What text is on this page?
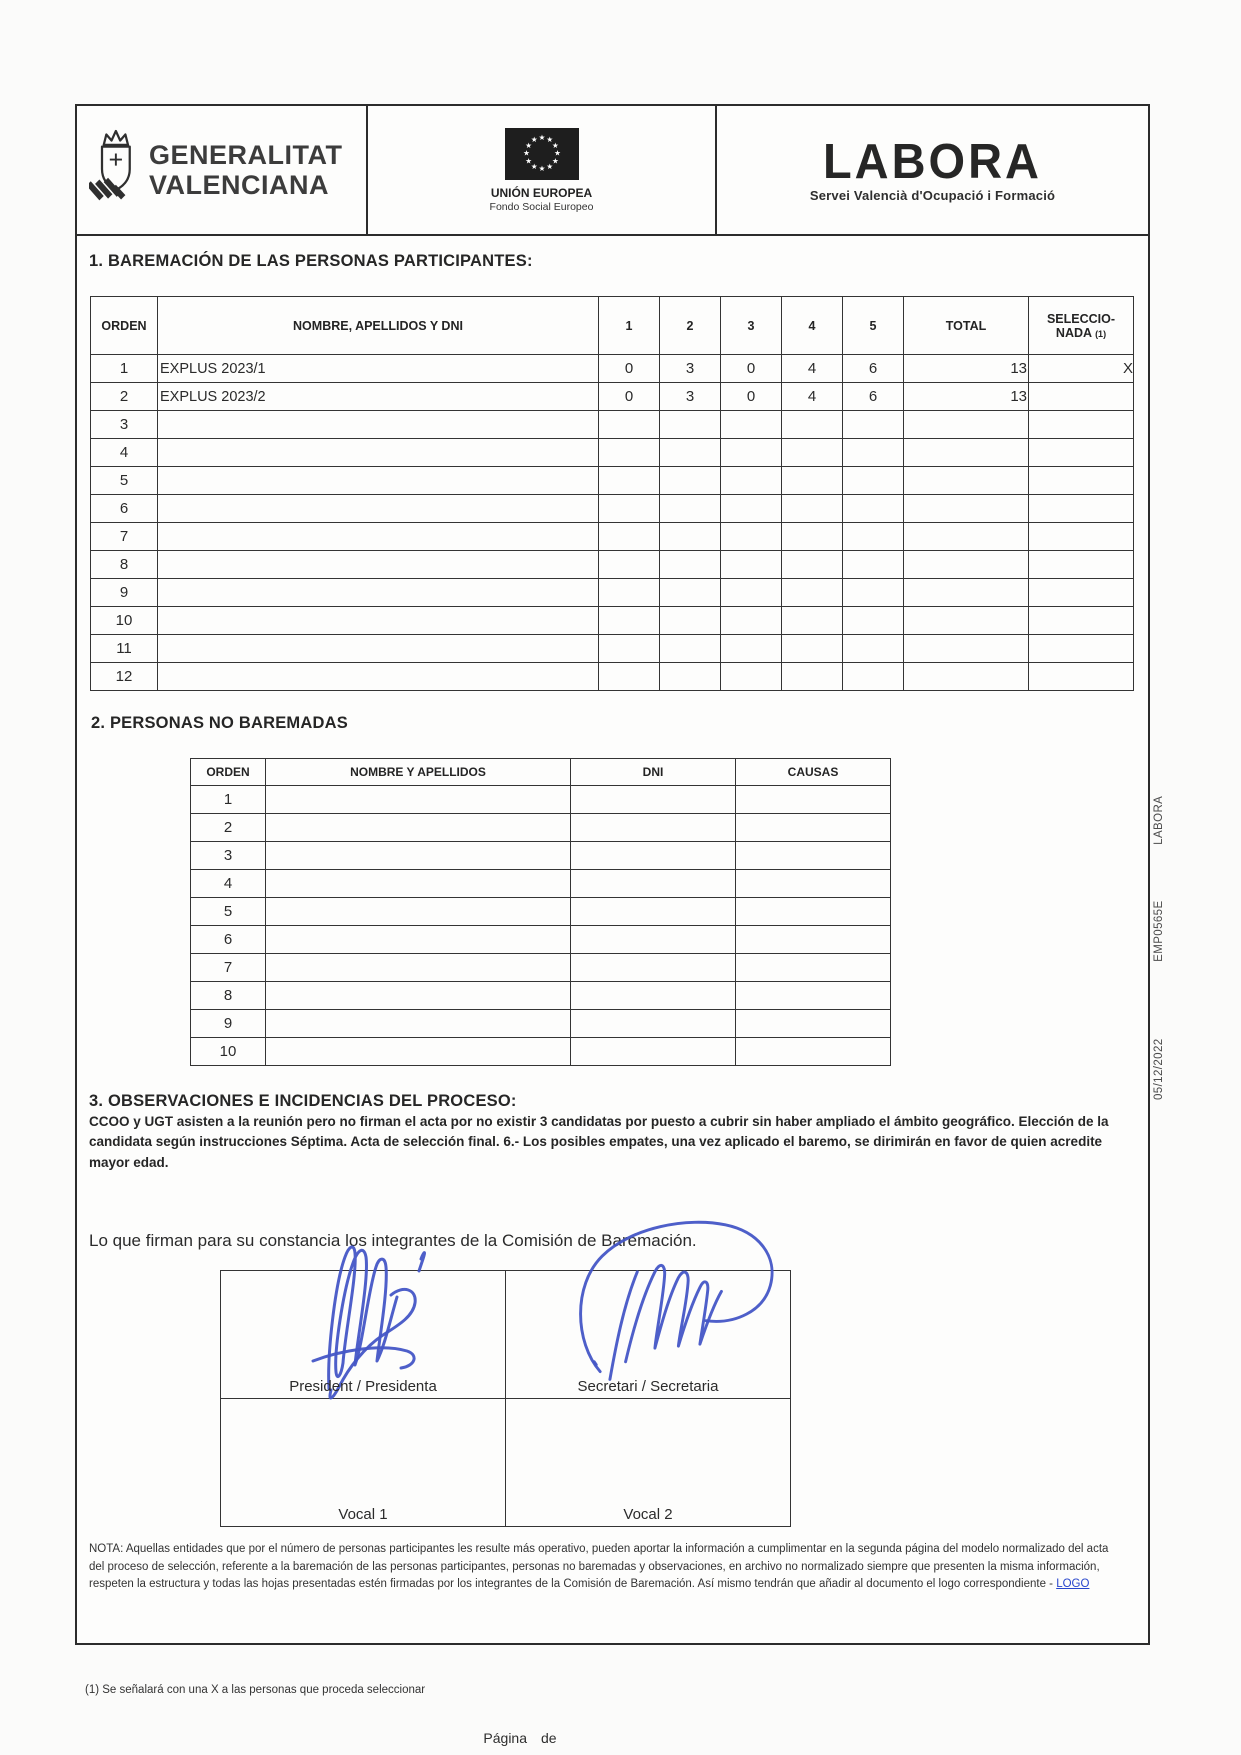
GENERALITAT
VALENCIANA
★ ★
★
★
★
★
★
★
★
★
★
★
UNIÓN EUROPEA
Fondo Social Europeo
LABORA
Servei Valencià d'Ocupació i Formació
1. BAREMACIÓN DE LAS PERSONAS PARTICIPANTES:
ORDEN	NOMBRE, APELLIDOS Y DNI	1	2	3	4	5	TOTAL	SELECCIO-
NADA (1)
1	EXPLUS 2023/1	0	3	0	4	6	13	X
2	EXPLUS 2023/2	0	3	0	4	6	13	
3								
4								
5								
6								
7								
8								
9								
10								
11								
12								
2. PERSONAS NO BAREMADAS
ORDEN	NOMBRE Y APELLIDOS	DNI	CAUSAS
1			
2			
3			
4			
5			
6			
7			
8			
9			
10			
3. OBSERVACIONES E INCIDENCIAS DEL PROCESO:

CCOO y UGT asisten a la reunión pero no firman el acta por no existir 3 candidatas por puesto a cubrir sin haber ampliado el ámbito geográfico. Elección de la candidata según instrucciones Séptima. Acta de selección final. 6.- Los posibles empates, una vez aplicado el baremo, se dirimirán en favor de quien acredite mayor edad.

Lo que firman para su constancia los integrantes de la Comisión de Baremación.

President / Presidenta	Secretari / Secretaria

Vocal 1	Vocal 2

NOTA: Aquellas entidades que por el número de personas participantes les resulte más operativo, pueden aportar la información a cumplimentar en la segunda página del modelo normalizado del acta del proceso de selección, referente a la baremación de las personas participantes, personas no baremadas y observaciones, en archivo no normalizado siempre que presenten la misma información, respeten la estructura y todas las hojas presentadas estén firmadas por los integrantes de la Comisión de Baremación. Así mismo tendrán que añadir al documento el logo correspondiente - LOGO

(1) Se señalará con una X a las personas que proceda seleccionar

Página de

05/12/2022 EMP0565E LABORA
